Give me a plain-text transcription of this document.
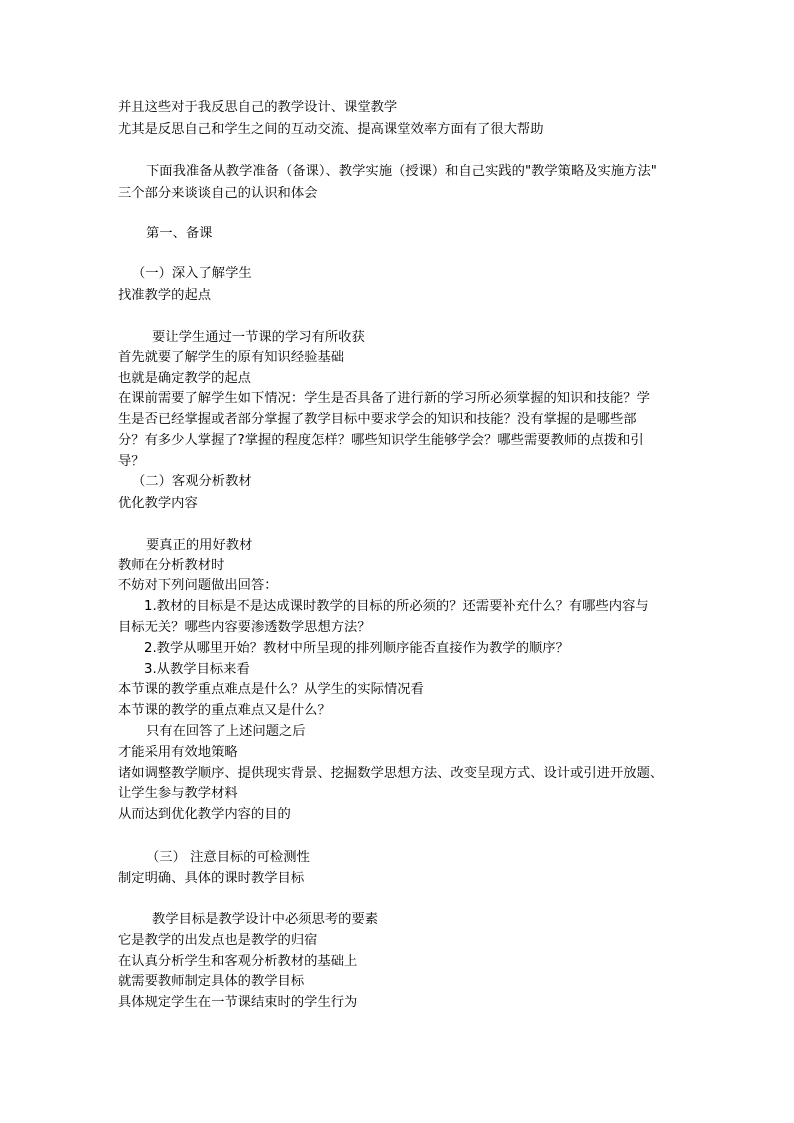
并且这些对于我反思自己的教学设计、课堂教学
尤其是反思自己和学生之间的互动交流、提高课堂效率方面有了很大帮助
下面我准备从教学准备（备课）、教学实施（授课）和自己实践的"教学策略及实施方法"
三个部分来谈谈自己的认识和体会
第一、备课
（一）深入了解学生
找准教学的起点
要让学生通过一节课的学习有所收获
首先就要了解学生的原有知识经验基础
也就是确定教学的起点
在课前需要了解学生如下情况：学生是否具备了进行新的学习所必须掌握的知识和技能？学
生是否已经掌握或者部分掌握了教学目标中要求学会的知识和技能？没有掌握的是哪些部
分？有多少人掌握了?掌握的程度怎样？哪些知识学生能够学会？哪些需要教师的点拨和引
导？
（二）客观分析教材
优化教学内容
要真正的用好教材
教师在分析教材时
不妨对下列问题做出回答：
1.教材的目标是不是达成课时教学的目标的所必须的？还需要补充什么？有哪些内容与
目标无关？哪些内容要渗透数学思想方法？
2.教学从哪里开始？教材中所呈现的排列顺序能否直接作为教学的顺序？
3.从教学目标来看
本节课的教学重点难点是什么？从学生的实际情况看
本节课的教学的重点难点又是什么？
只有在回答了上述问题之后
才能采用有效地策略
诸如调整教学顺序、提供现实背景、挖掘数学思想方法、改变呈现方式、设计或引进开放题、
让学生参与教学材料
从而达到优化教学内容的目的
（三） 注意目标的可检测性
制定明确、具体的课时教学目标
教学目标是教学设计中必须思考的要素
它是教学的出发点也是教学的归宿
在认真分析学生和客观分析教材的基础上
就需要教师制定具体的教学目标
具体规定学生在一节课结束时的学生行为
